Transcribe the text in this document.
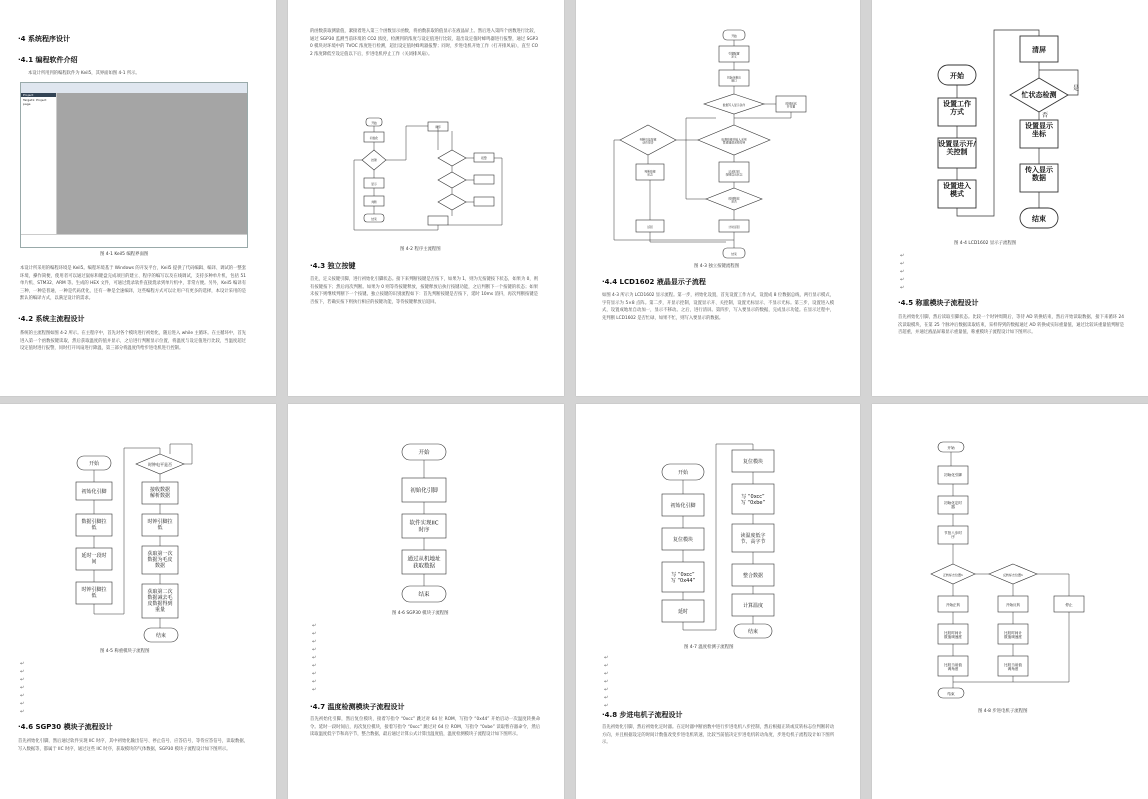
·4 系统程序设计
·4.1 编程软件介绍
本设计所用到的编程软件为 Keil5，其界面如图 4-1 所示。
Project
Target1: Project page
图 4-1 Keil5 编程界面图
本设计所采用的编程环境是 Keil5。编程环境基于 Windows 的开发平台，Keil5 提供了代码编辑、编译、调试的一整套环境，操作简便，使用者可以通过鼠标和键盘完成项目的建立、程序的编写以及在线调试，支持多种单片机，包括 51 单片机、STM32、ARM 等。生成的 HEX 文件，可通过烧录软件直接烧录到单片机中，非常方便。另外，Keil5 编译有三种，一种是普通，一种是代码优化，还有一种是全速编译，这些编程方式可以让用户有更多的选择，本设计采用的是默认的编译方式，以满足设计的需求。
·4.2 系统主流程设计
系统的主流程图如图 4-2 所示。在主程序中，首先对各个模块进行初始化，随后进入 while 主循环。在主循环中，首先进入第一个函数按键读取，然后获取温度的值并显示，之后进行判断显示位置，将温度与设定值进行比较，当温度超过设定值时进行报警，同时打开风扇进行降温，第三部分将温度传给步进电机进行控制。
的函数获取测量值，紧接着进入第三个函数显示函数，将函数获取的值显示在液晶屏上。然后进入第四个函数进行比较，通过 SGP30 监测当前环境的 CO2 浓度，检测到的浓度与设定值进行比较，超出设定值时蜂鸣器进行报警，通过 SGP30 模块对环境中的 TVOC 浓度进行检测，超出设定值时蜂鸣器报警；同时，步进电机开始工作（打开排风扇），直至 CO2 浓度降低至设定值以下后，步进电机停止工作（关闭排风扇）。
开始
初始化
按键
显示
判断
调节
报警
结束
图 4-2 程序主流程图
·4.3 独立按键
首先，定义按键引脚，进行初始化引脚状态。接下来判断按键是否按下，如果为 1，则为无按键按下状态，如果为 0，则有按键按下；然后再次判断。如果为 0 则等待按键释放，按键释放后执行按键功能，之后判断下一个按键的状态；如果未按下则继续判断下一个按键。独立按键的识别流程如下：首先判断按键是否按下，延时 10ms 消抖，再次判断按键是否按下，若确实按下则执行相应的按键功能，等待按键释放后返回。
开始
引脚配置定义
初始化相应端口
数据写入显示条件	按键延迟并设置
检测按键并输入采用管道通道采样时钟
判断功能按键动作是否
判断按键状态
记录时间按键读出状态
按键释放是否
返回	计时返回
结束
图 4-3 独立按键流程图
·4.4 LCD1602 液晶显示子流程
如图 4-3 所示为 LCD1602 显示流程。第一步，初始化设置，首先设置工作方式，设置成 8 位数据总线，两行显示模式，字符显示为 5×8 点阵。第二步，开显示控制，设置显示开、关控制，设置光标显示、不显示光标。第三步，设置进入模式，设置成地址自动加一，显示不移动。之后，进行清屏。第四步，写入要显示的数据，完成显示功能。在显示过程中，先判断 LCD1602 是否忙碌，如果不忙，则写入要显示的数据。
开始
设置工作方式
设置显示开/关控制
设置进入模式
清屏
忙状态检测
设置显示坐标
传入显示数据
结束
是
否
图 4-4 LCD1602 显示子流程图
↵
↵
↵
↵
↵
·4.5 称重模块子流程设计
首先初始化引脚，然后读取引脚状态。比较一个时钟周期后，等待 AD 转换结束，然后开始读取数据，接下来循环 24 次读取模块，在第 25 个脉冲后数据读取结束，采样得到的数据通过 AD 转换成实际重量值，通过比较该重量值判断是否超重，并通过液晶屏幕显示重量值，称重模块子流程设计如下图所示。
开始
初始化引脚
数据引脚拉低
延时一段时间
时钟引脚拉低
时钟电平是否
接收数据解析数据
时钟引脚拉低
获取第一次数据为毛皮数据
获取第二次数据减去毛皮数据得到重量
结束
图 4-5 称重模块子流程图
↵
↵
↵
↵
↵
↵
↵
·4.6 SGP30 模块子流程设计
首先初始化引脚，然后通过软件实现 IIC 时序，其中初始化输出信号、停止信号、应答信号，等待应答信号，读取数据，写入数据等，都属于 IIC 时序，通过这些 IIC 时序，获取模块的气体数据，SGP30 模块子流程设计如下图所示。
开始
初始化引脚
软件实现IIC 时序
通过从机地址获取数据
结束
图 4-6 SGP30 模块子流程图
↵
↵
↵
↵
↵
↵
↵
↵
↵
·4.7 温度检测模块子流程设计
首先初始化引脚，然后复位模块，接着写指令 “0xcc” 跳过对 64 位 ROM，写指令 “0x44” 开始启动一次温度转换命令。延时一段时间后，再次复位模块，接着写指令 “0xcc” 跳过对 64 位 ROM，写指令 “0xbe” 读取暂存器命令，然后读取温度低字节和高字节，整合数据，最后通过计算公式计算出温度值，温度检测模块子流程设计如下图所示。
开始
初始化引脚
复位模块
写 “0xcc”写 “0x44”
延时
复位模块
写 “0xcc”写 “0xbe”
读温度低字节、高字节
整合数据
计算温度
结束
图 4-7 温度检测子流程图
↵
↵
↵
↵
↵
↵
↵
·4.8 步进电机子流程设计
首先初始化引脚，然后初始化定时器。在定时器中断函数中进行步进电机八步控制，然后根据正转或反转标志位判断转动方向，并且根据设定的时间计数值改变步进电机转速，比较当前值决定步进电机转动角度，步进电机子流程设计如下图所示。
开始
初始化引脚
初始化定时器
节拍八步时序
正转标志位置1	反转标志位置1
开始正转	开始反转	停止
比较时间计数值调速度
比较时间计数值调速度
比较当前值调角度
比较当前值调角度
结束
图 4-8 步进电机子流程图
